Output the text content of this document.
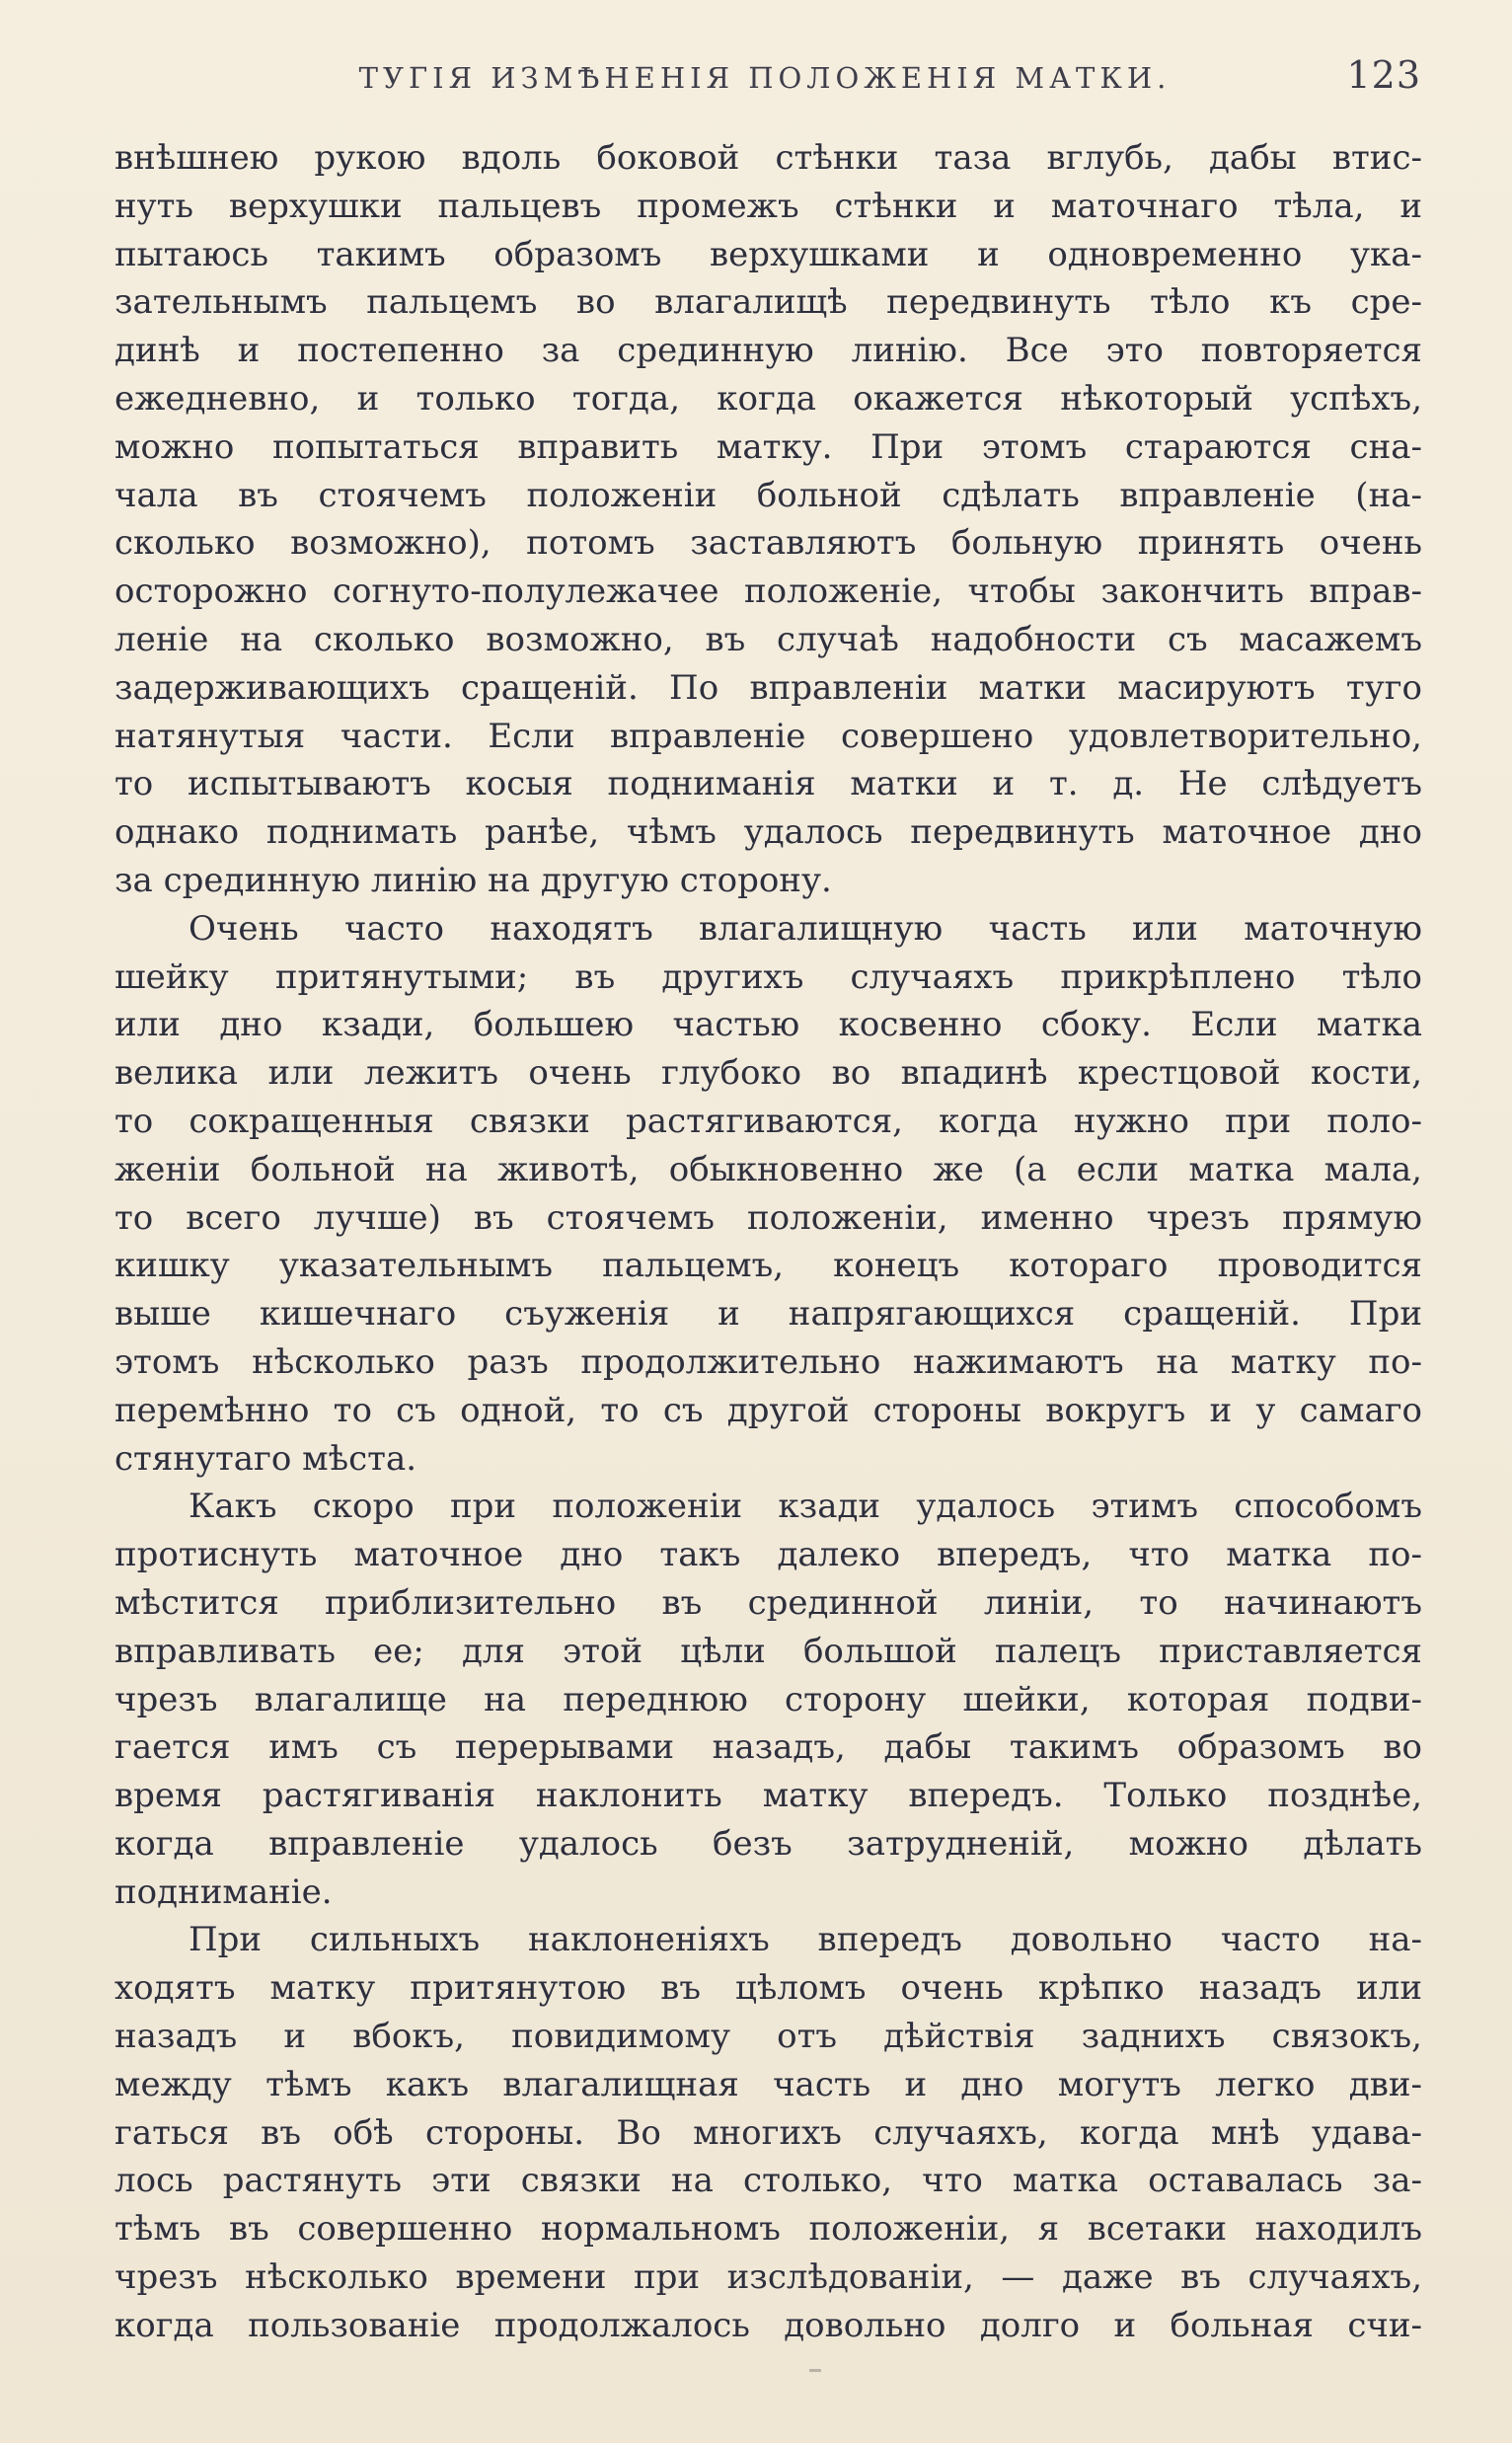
ТУГІЯ ИЗМѢНЕНІЯ ПОЛОЖЕНІЯ МАТКИ.	123
внѣшнею рукою вдоль боковой стѣнки таза вглубь, дабы втис-
нуть верхушки пальцевъ промежъ стѣнки и маточнаго тѣла, и
пытаюсь такимъ образомъ верхушками и одновременно ука-
зательнымъ пальцемъ во влагалищѣ передвинуть тѣло къ сре-
динѣ и постепенно за срединную линію. Все это повторяется
ежедневно, и только тогда, когда окажется нѣкоторый успѣхъ,
можно попытаться вправить матку. При этомъ стараются сна-
чала въ стоячемъ положеніи больной сдѣлать вправленіе (на-
сколько возможно), потомъ заставляютъ больную принять очень
осторожно согнуто-полулежачее положеніе, чтобы закончить вправ-
леніе на сколько возможно, въ случаѣ надобности съ масажемъ
задерживающихъ сращеній. По вправленіи матки масируютъ туго
натянутыя части. Если вправленіе совершено удовлетворительно,
то испытываютъ косыя подниманія матки и т. д. Не слѣдуетъ
однако поднимать ранѣе, чѣмъ удалось передвинуть маточное дно
за срединную линію на другую сторону.
Очень часто находятъ влагалищную часть или маточную
шейку притянутыми; въ другихъ случаяхъ прикрѣплено тѣло
или дно кзади, большею частью косвенно сбоку. Если матка
велика или лежитъ очень глубоко во впадинѣ крестцовой кости,
то сокращенныя связки растягиваются, когда нужно при поло-
женіи больной на животѣ, обыкновенно же (а если матка мала,
то всего лучше) въ стоячемъ положеніи, именно чрезъ прямую
кишку указательнымъ пальцемъ, конецъ котораго проводится
выше кишечнаго съуженія и напрягающихся сращеній. При
этомъ нѣсколько разъ продолжительно нажимаютъ на матку по-
перемѣнно то съ одной, то съ другой стороны вокругъ и у самаго
стянутаго мѣста.
Какъ скоро при положеніи кзади удалось этимъ способомъ
протиснуть маточное дно такъ далеко впередъ, что матка по-
мѣстится приблизительно въ срединной линіи, то начинаютъ
вправливать ее; для этой цѣли большой палецъ приставляется
чрезъ влагалище на переднюю сторону шейки, которая подви-
гается имъ съ перерывами назадъ, дабы такимъ образомъ во
время растягиванія наклонить матку впередъ. Только позднѣе,
когда вправленіе удалось безъ затрудненій, можно дѣлать
подниманіе.
При сильныхъ наклоненіяхъ впередъ довольно часто на-
ходятъ матку притянутою въ цѣломъ очень крѣпко назадъ или
назадъ и вбокъ, повидимому отъ дѣйствія заднихъ связокъ,
между тѣмъ какъ влагалищная часть и дно могутъ легко дви-
гаться въ обѣ стороны. Во многихъ случаяхъ, когда мнѣ удава-
лось растянуть эти связки на столько, что матка оставалась за-
тѣмъ въ совершенно нормальномъ положеніи, я всетаки находилъ
чрезъ нѣсколько времени при изслѣдованіи, — даже въ случаяхъ,
когда пользованіе продолжалось довольно долго и больная счи-
